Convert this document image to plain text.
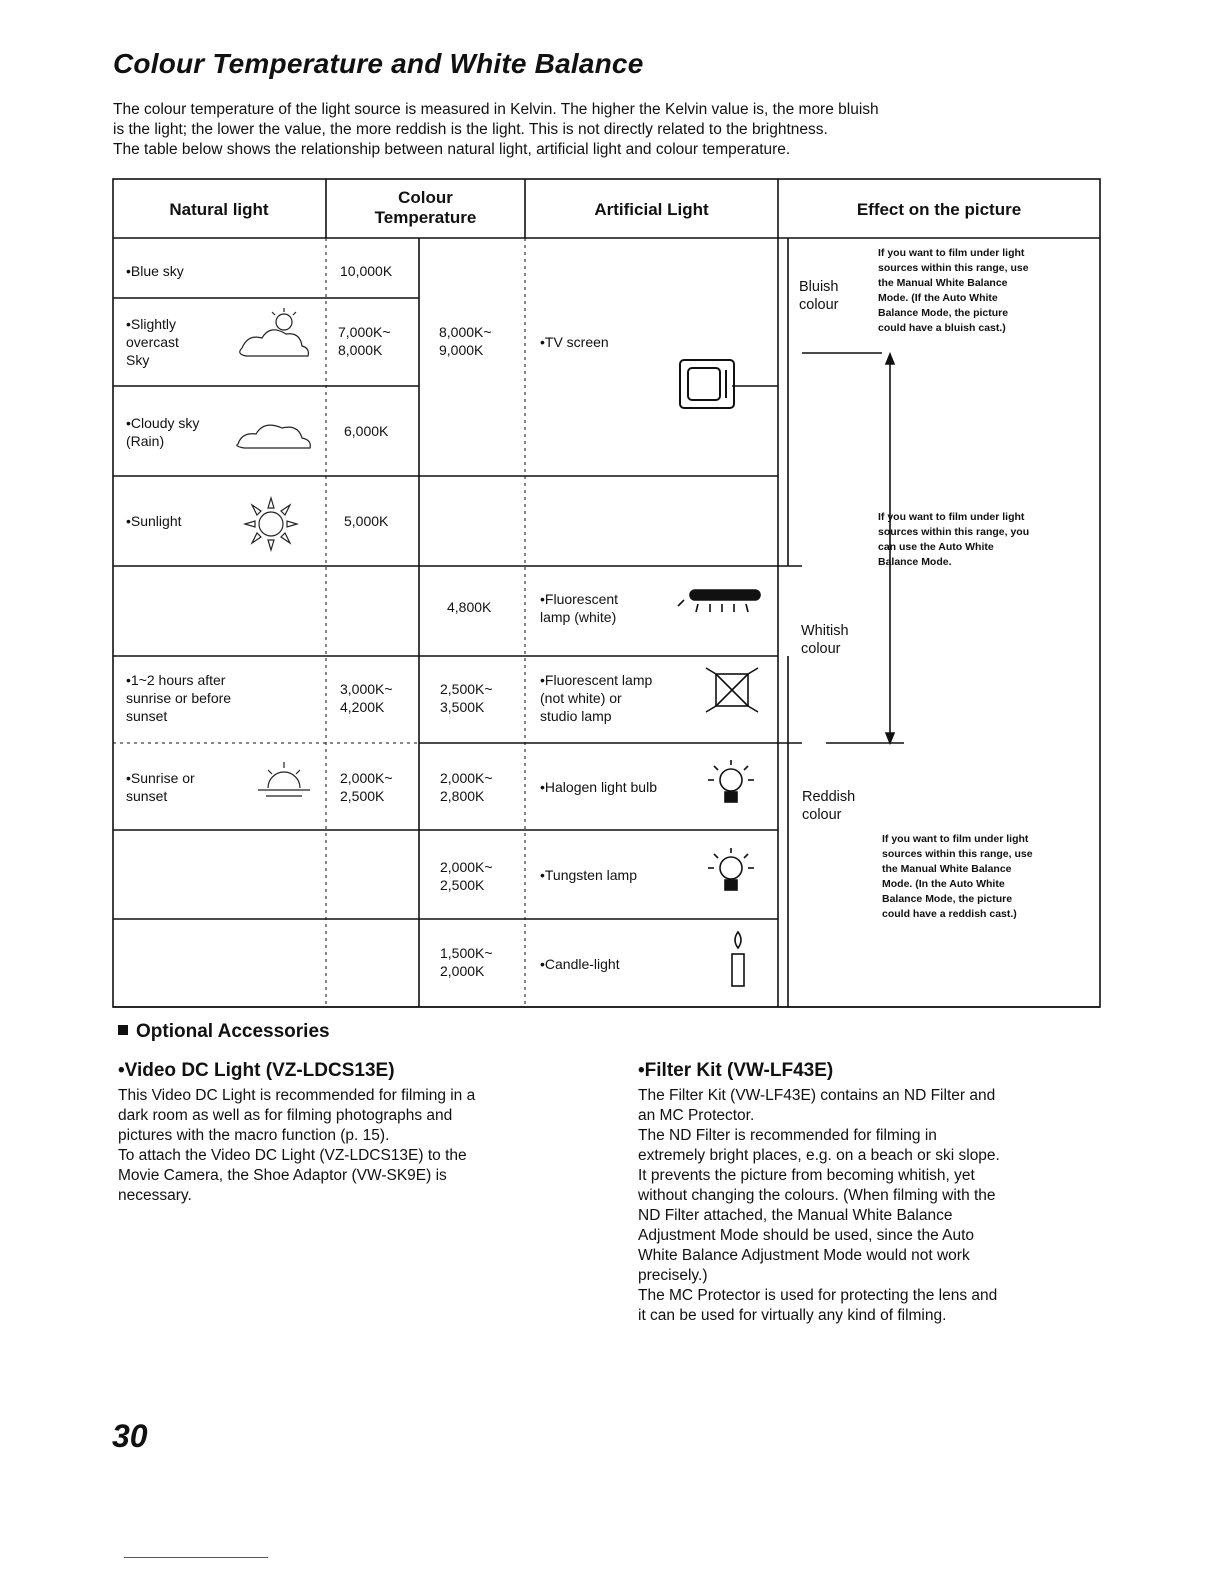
Colour Temperature and White Balance

The colour temperature of the light source is measured in Kelvin. The higher the Kelvin value is, the more bluish

is the light; the lower the value, the more reddish is the light. This is not directly related to the brightness.

The table below shows the relationship between natural light, artificial light and colour temperature.

Natural light
Colour
Temperature	Artificial Light	Effect on the picture
•Blue sky
•Slightly
overcast
Sky
•Cloudy sky
(Rain)
•Sunlight
•1~2 hours after
sunrise or before
sunset
•Sunrise or
sunset
10,000K
7,000K~
8,000K
6,000K
5,000K
3,000K~
4,200K
2,000K~
2,500K
8,000K~
9,000K
4,800K
2,500K~
3,500K
2,000K~
2,800K
2,000K~
2,500K
1,500K~
2,000K
•TV screen
•Fluorescent
lamp (white)
•Fluorescent lamp
(not white) or
studio lamp
•Halogen light bulb
•Tungsten lamp
•Candle-light
Bluish
colour
Whitish
colour
Reddish
colour
If you want to film under light
sources within this range, use
the Manual White Balance
Mode. (If the Auto White
Balance Mode, the picture
could have a bluish cast.)
If you want to film under light
sources within this range, you
can use the Auto White
Balance Mode.
If you want to film under light
sources within this range, use
the Manual White Balance
Mode. (In the Auto White
Balance Mode, the picture
could have a reddish cast.)
Optional Accessories
•Video DC Light (VZ-LDCS13E)

This Video DC Light is recommended for filming in a

dark room as well as for filming photographs and

pictures with the macro function (p. 15).

To attach the Video DC Light (VZ-LDCS13E) to the

Movie Camera, the Shoe Adaptor (VW-SK9E) is

necessary.

•Filter Kit (VW-LF43E)

The Filter Kit (VW-LF43E) contains an ND Filter and

an MC Protector.

The ND Filter is recommended for filming in

extremely bright places, e.g. on a beach or ski slope.

It prevents the picture from becoming whitish, yet

without changing the colours. (When filming with the

ND Filter attached, the Manual White Balance

Adjustment Mode should be used, since the Auto

White Balance Adjustment Mode would not work

precisely.)

The MC Protector is used for protecting the lens and

it can be used for virtually any kind of filming.

30
